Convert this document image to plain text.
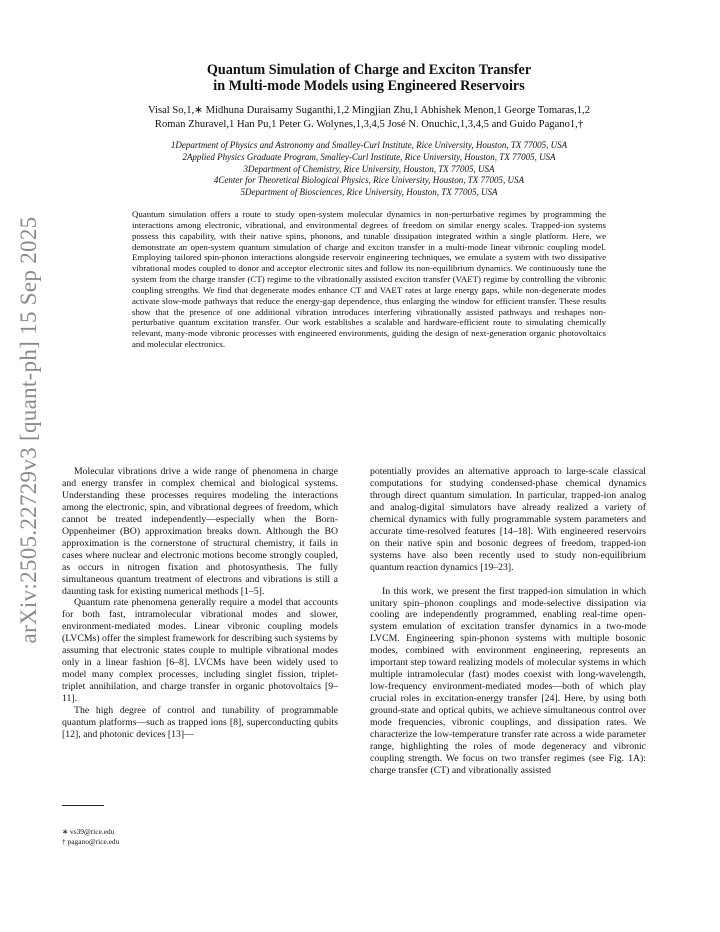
arXiv:2505.22729v3 [quant-ph] 15 Sep 2025
Quantum Simulation of Charge and Exciton Transfer
in Multi-mode Models using Engineered Reservoirs
Visal So,1,∗ Midhuna Duraisamy Suganthi,1,2 Mingjian Zhu,1 Abhishek Menon,1 George Tomaras,1,2
Roman Zhuravel,1 Han Pu,1 Peter G. Wolynes,1,3,4,5 José N. Onuchic,1,3,4,5 and Guido Pagano1,†
1Department of Physics and Astronomy and Smalley-Curl Institute, Rice University, Houston, TX 77005, USA
2Applied Physics Graduate Program, Smalley-Curl Institute, Rice University, Houston, TX 77005, USA
3Department of Chemistry, Rice University, Houston, TX 77005, USA
4Center for Theoretical Biological Physics, Rice University, Houston, TX 77005, USA
5Department of Biosciences, Rice University, Houston, TX 77005, USA
Quantum simulation offers a route to study open-system molecular dynamics in non-perturbative regimes by programming the interactions among electronic, vibrational, and environmental degrees of freedom on similar energy scales. Trapped-ion systems possess this capability, with their native spins, phonons, and tunable dissipation integrated within a single platform. Here, we demonstrate an open-system quantum simulation of charge and exciton transfer in a multi-mode linear vibronic coupling model. Employing tailored spin-phonon interactions alongside reservoir engineering techniques, we emulate a system with two dissipative vibrational modes coupled to donor and acceptor electronic sites and follow its non-equilibrium dynamics. We continuously tune the system from the charge transfer (CT) regime to the vibrationally assisted exciton transfer (VAET) regime by controlling the vibronic coupling strengths. We find that degenerate modes enhance CT and VAET rates at large energy gaps, while non-degenerate modes activate slow-mode pathways that reduce the energy-gap dependence, thus enlarging the window for efficient transfer. These results show that the presence of one additional vibration introduces interfering vibrationally assisted pathways and reshapes non-perturbative quantum excitation transfer. Our work establishes a scalable and hardware-efficient route to simulating chemically relevant, many-mode vibronic processes with engineered environments, guiding the design of next-generation organic photovoltaics and molecular electronics.

Molecular vibrations drive a wide range of phenomena in charge and energy transfer in complex chemical and biological systems. Understanding these processes requires modeling the interactions among the electronic, spin, and vibrational degrees of freedom, which cannot be treated independently—especially when the Born-Oppenheimer (BO) approximation breaks down. Although the BO approximation is the cornerstone of structural chemistry, it fails in cases where nuclear and electronic motions become strongly coupled, as occurs in nitrogen fixation and photosynthesis. The fully simultaneous quantum treatment of electrons and vibrations is still a daunting task for existing numerical methods [1–5].

Quantum rate phenomena generally require a model that accounts for both fast, intramolecular vibrational modes and slower, environment-mediated modes. Linear vibronic coupling models (LVCMs) offer the simplest framework for describing such systems by assuming that electronic states couple to multiple vibrational modes only in a linear fashion [6–8]. LVCMs have been widely used to model many complex processes, including singlet fission, triplet-triplet annihilation, and charge transfer in organic photovoltaics [9–11].

The high degree of control and tunability of programmable quantum platforms—such as trapped ions [8], superconducting qubits [12], and photonic devices [13]—

potentially provides an alternative approach to large-scale classical computations for studying condensed-phase chemical dynamics through direct quantum simulation. In particular, trapped-ion analog and analog-digital simulators have already realized a variety of chemical dynamics with fully programmable system parameters and accurate time-resolved features [14–18]. With engineered reservoirs on their native spin and bosonic degrees of freedom, trapped-ion systems have also been recently used to study non-equilibrium quantum reaction dynamics [19–23].

In this work, we present the first trapped-ion simulation in which unitary spin–phonon couplings and mode-selective dissipation via cooling are independently programmed, enabling real-time open-system emulation of excitation transfer dynamics in a two-mode LVCM. Engineering spin-phonon systems with multiple bosonic modes, combined with environment engineering, represents an important step toward realizing models of molecular systems in which multiple intramolecular (fast) modes coexist with long-wavelength, low-frequency environment-mediated modes—both of which play crucial roles in excitation-energy transfer [24]. Here, by using both ground-state and optical qubits, we achieve simultaneous control over mode frequencies, vibronic couplings, and dissipation rates. We characterize the low-temperature transfer rate across a wide parameter range, highlighting the roles of mode degeneracy and vibronic coupling strength. We focus on two transfer regimes (see Fig. 1A): charge transfer (CT) and vibrationally assisted

∗ vs39@rice.edu
† pagano@rice.edu
